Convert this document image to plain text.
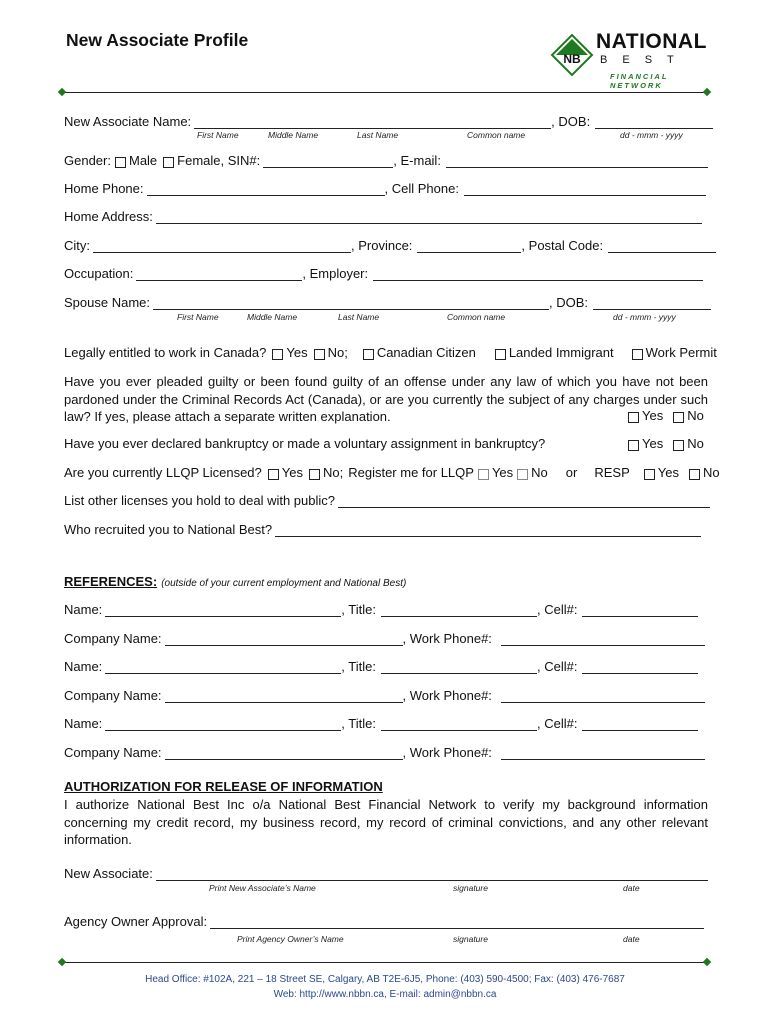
New Associate Profile
NB
NATIONAL
B E S T
FINANCIAL NETWORK
New Associate Name:	, DOB:
First Name	Middle Name	Last Name	Common name	dd - mmm - yyyy
Gender: Male Female, SIN#:	, E-mail:
Home Phone:	, Cell Phone:
Home Address:
City:	, Province:	, Postal Code:
Occupation:	, Employer:
Spouse Name:	, DOB:
First Name	Middle Name	Last Name	Common name	dd - mmm - yyyy
Legally entitled to work in Canada? Yes No; Canadian Citizen	Landed Immigrant Work Permit
Have you ever pleaded guilty or been found guilty of an offense under any law of which you have not been pardoned under the Criminal Records Act (Canada), or are you currently the subject of any charges under such law? If yes, please attach a separate written explanation.	Yes No
Have you ever declared bankruptcy or made a voluntary assignment in bankruptcy?	Yes No
Are you currently LLQP Licensed? Yes No; Register me for LLQP Yes No or RESP Yes No
List other licenses you hold to deal with public?
Who recruited you to National Best?
REFERENCES: (outside of your current employment and National Best)
Name:	, Title:	, Cell#:
Company Name:	, Work Phone#:
Name:	, Title:	, Cell#:
Company Name:	, Work Phone#:
Name:	, Title:	, Cell#:
Company Name:	, Work Phone#:
AUTHORIZATION FOR RELEASE OF INFORMATION
I authorize National Best Inc o/a National Best Financial Network to verify my background information concerning my credit record, my business record, my record of criminal convictions, and any other relevant information.
New Associate:
Print New Associate’s Name	signature	date
Agency Owner Approval:
Print Agency Owner’s Name	signature	date
Head Office: #102A, 221 – 18 Street SE, Calgary, AB T2E-6J5, Phone: (403) 590-4500; Fax: (403) 476-7687
Web: http://www.nbbn.ca, E-mail: admin@nbbn.ca
